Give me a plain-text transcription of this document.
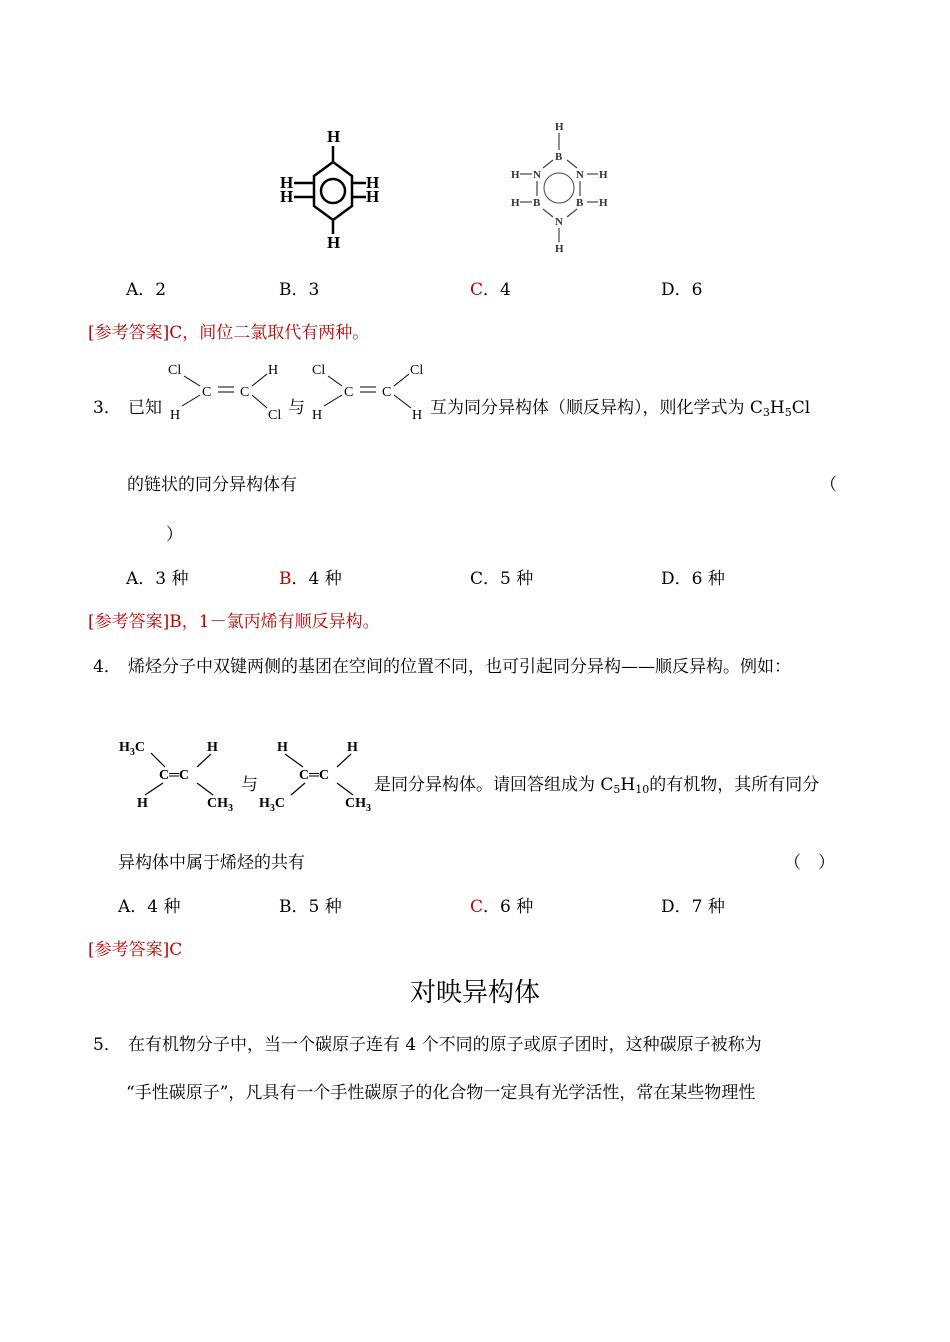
H
H
H
H
H
H
H
B
H N	N H
H B	B H
N
H
A．2	B．3	C．4	D．6
[参考答案]C，间位二氯取代有两种。
3． 已知
Cl	H
C C
H	Cl 与
Cl	Cl
C C
H	H 互为同分异构体（顺反异构），则化学式为 $C_3H_5Cl$
的链状的同分异构体有	（
）
A．3 种	B．4 种	C．5 种	D．6 种
[参考答案]B，1－氯丙烯有顺反异构。
4． 烯烃分子中双键两侧的基团在空间的位置不同，也可引起同分异构——顺反异构。例如：
$H_3C$	H
C═C
H	$CH_3$
与
H	H
C═C
$H_3C$	$CH_3$
是同分异构体。请回答组成为 $C_5H_{10}$的有机物，其所有同分
异构体中属于烯烃的共有	（　）
A．4 种	B．5 种	C．6 种	D．7 种
[参考答案]C
对映异构体
5． 在有机物分子中，当一个碳原子连有 4 个不同的原子或原子团时，这种碳原子被称为
“手性碳原子”，凡具有一个手性碳原子的化合物一定具有光学活性，常在某些物理性
